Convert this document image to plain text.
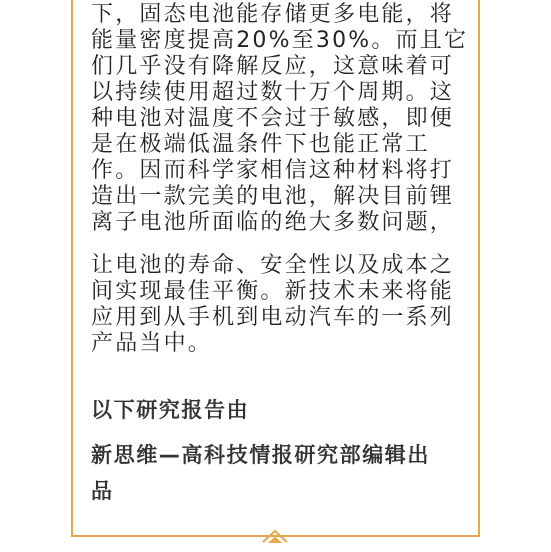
下，固态电池能存储更多电能，将
能量密度提高20%至30%。而且它
们几乎没有降解反应，这意味着可
以持续使用超过数十万个周期。这
种电池对温度不会过于敏感，即便
是在极端低温条件下也能正常工
作。因而科学家相信这种材料将打
造出一款完美的电池，解决目前锂
离子电池所面临的绝大多数问题，
让电池的寿命、安全性以及成本之
间实现最佳平衡。新技术未来将能
应用到从手机到电动汽车的一系列
产品当中。
以下研究报告由
新思维—高科技情报研究部编辑出
品
